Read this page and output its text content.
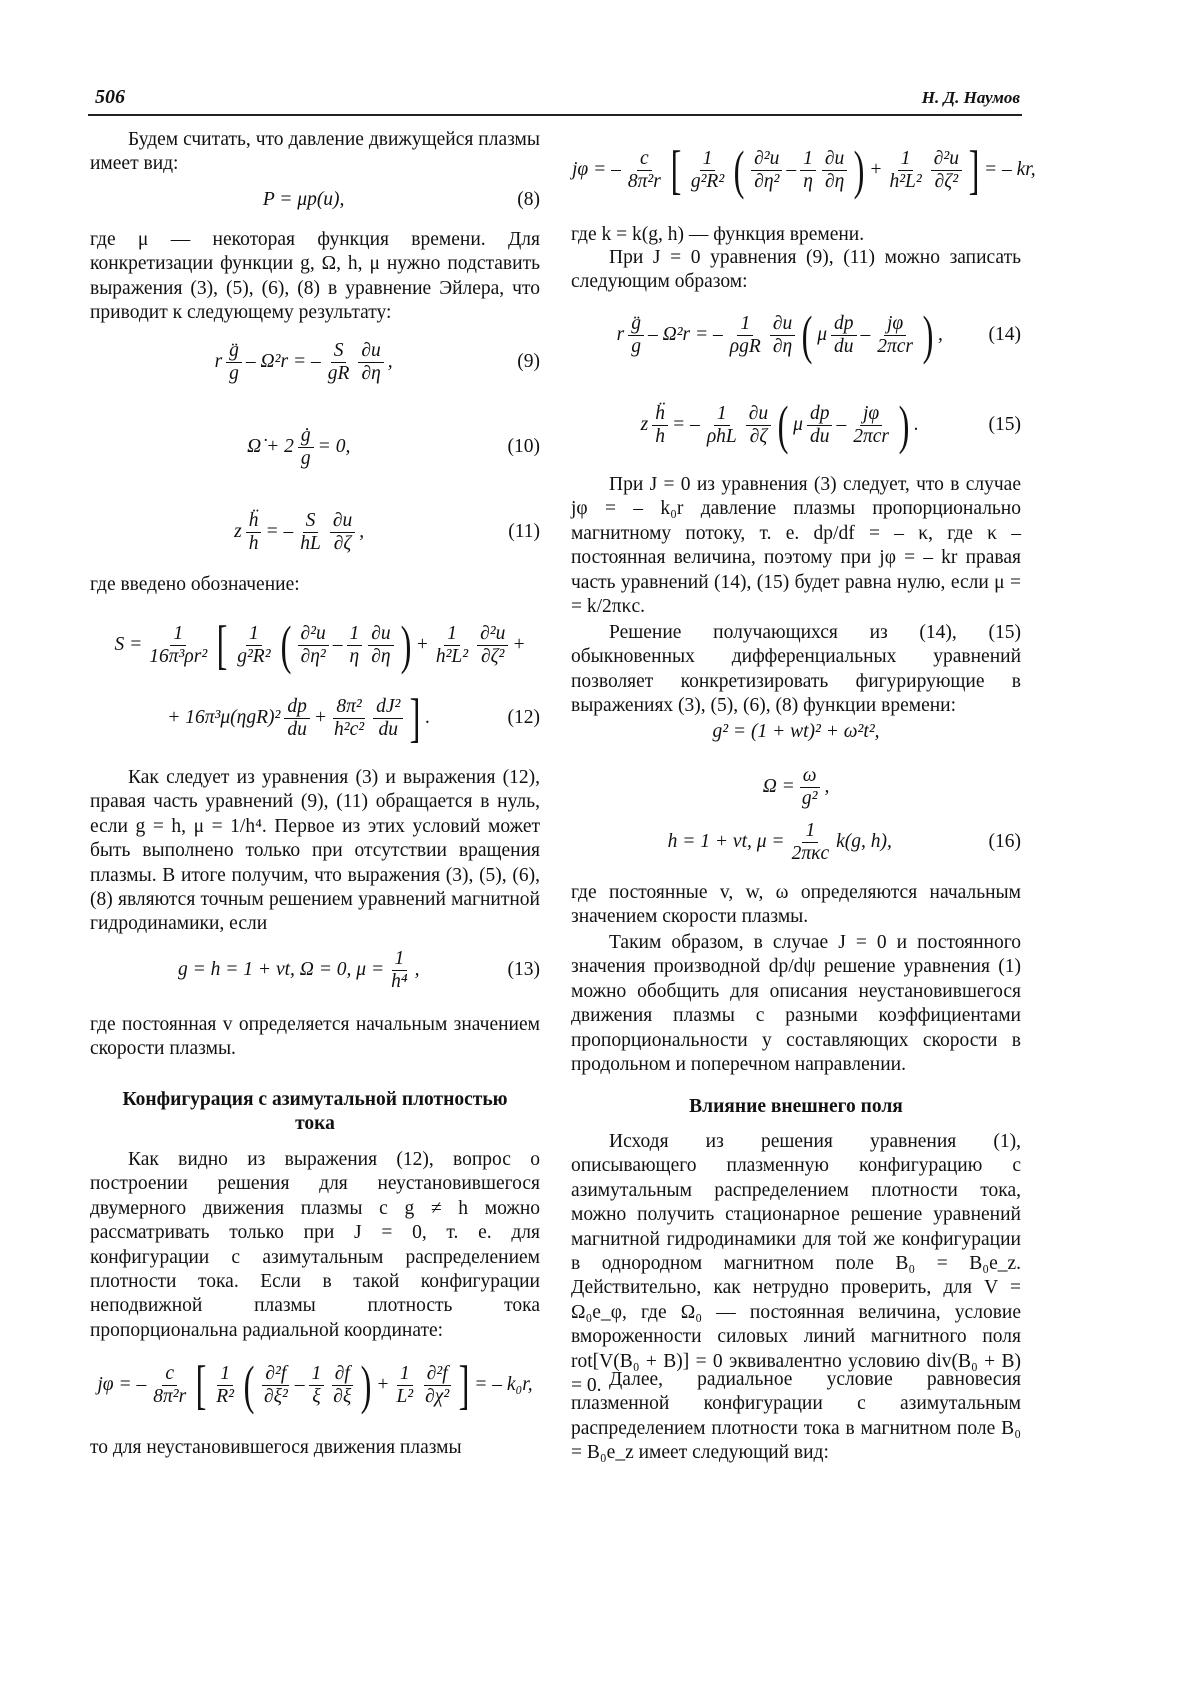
506	Н. Д. Наумов
Будем считать, что давление движущейся плазмы имеет вид:
P = μp(u),	(8)
где μ — некоторая функция времени. Для конкретизации функции g, Ω, h, μ нужно подставить выражения (3), (5), (6), (8) в уравнение Эйлера, что приводит к следующему результату:
r $\frac{g̈}{g} - \Omega^2r$ = – $\frac{S}{gR} \frac{\partial u}{\partial\eta}$ ,	(9)
Ω̇ + $2 \frac{ġ}{g} = 0$,	(10)
z $\frac{\text{ḧ}}{h}$ = – $\frac{S}{hL} \frac{\partial u}{\partial\zeta}$ ,	(11)
где введено обозначение:
$S = \frac{1}{\text{16π³ρr²}}$ [ $\frac{1}{\text{g²R²}}$ ( $\frac{\text{∂²u}}{\text{∂η²}} - \frac{1}{\eta} \frac{\partial u}{\partial\eta}$ ) + $\frac{1}{\text{h²L²}} \frac{\text{∂²u}}{\text{∂ζ²}}$ +
+ $16\pi^3\mu(\eta gR)^2 \frac{dp}{du} + \frac{\text{8π²}}{\text{h²c²}} \frac{\text{dJ²}}{du}$ ] .	(12)
Как следует из уравнения (3) и выражения (12), правая часть уравнений (9), (11) обращается в нуль, если g = h, μ = 1/h⁴. Первое из этих условий может быть выполнено только при отсутствии вращения плазмы. В итоге получим, что выражения (3), (5), (6), (8) являются точным решением уравнений магнитной гидродинамики, если
g = h = 1 + vt, Ω = 0, $\mu = \frac{1}{\text{h⁴}}$ ,	(13)
где постоянная v определяется начальным значением скорости плазмы.
Конфигурация с азимутальной плотностью тока
Как видно из выражения (12), вопрос о построении решения для неустановившегося двумерного движения плазмы с g ≠ h можно рассматривать только при J = 0, т. е. для конфигурации с азимутальным распределением плотности тока. Если в такой конфигурации неподвижной плазмы плотность тока пропорциональна радиальной координате:
jφ = – $\frac{c}{\text{8π²r}}$ [ $\frac{1}{\text{R²}}$ ( $\frac{\text{∂²f}}{\text{∂ξ²}} - \frac{1}{\xi} \frac{\partial f}{\partial\xi}$ ) + $\frac{1}{\text{L²}} \frac{\text{∂²f}}{\text{∂χ²}}$ ] = – k₀r,
то для неустановившегося движения плазмы
jφ = – $\frac{c}{\text{8π²r}}$ [ $\frac{1}{\text{g²R²}}$ ( $\frac{\text{∂²u}}{\text{∂η²}} - \frac{1}{\eta} \frac{\partial u}{\partial\eta}$ ) + $\frac{1}{\text{h²L²}} \frac{\text{∂²u}}{\text{∂ζ²}}$ ] = – kr,
где k = k(g, h) — функция времени.
При J = 0 уравнения (9), (11) можно записать следующим образом:
r $\frac{g̈}{g} - \Omega^2r$ = –
1
ρgR $\frac{\partial u}{\partial\eta}$ ( μ $\frac{dp}{du}$ –
jφ
2πcr ) , (14)
z $\frac{\text{ḧ}}{h}$ = –
1
ρhL $\frac{\partial u}{\partial\zeta}$ ( μ $\frac{dp}{du}$ –
jφ
2πcr ) .	(15)
При J = 0 из уравнения (3) следует, что в случае jφ = – k₀r давление плазмы пропорционально магнитному потоку, т. е. dp/df = – κ, где κ – постоянная величина, поэтому при jφ = – kr правая часть уравнений (14), (15) будет равна нулю, если μ = = k/2πκc.
Решение получающихся из (14), (15) обыкновенных дифференциальных уравнений позволяет конкретизировать фигурирующие в выражениях (3), (5), (6), (8) функции времени:
g² = (1 + wt)² + ω²t²,
$\Omega = \frac{\omega}{\text{g²}}$ ,
h = 1 + vt, μ =
1
2πκc
k(g, h),	(16)
где постоянные v, w, ω определяются начальным значением скорости плазмы.
Таким образом, в случае J = 0 и постоянного значения производной dp/dψ решение уравнения (1) можно обобщить для описания неустановившегося движения плазмы с разными коэффициентами пропорциональности у составляющих скорости в продольном и поперечном направлении.
Влияние внешнего поля
Исходя из решения уравнения (1), описывающего плазменную конфигурацию с азимутальным распределением плотности тока, можно получить стационарное решение уравнений магнитной гидродинамики для той же конфигурации в однородном магнитном поле B₀ = B₀e_z. Действительно, как нетрудно проверить, для V = Ω₀e_φ, где Ω₀ — постоянная величина, условие вмороженности силовых линий магнитного поля rot[V(B₀ + B)] = 0 эквивалентно условию div(B₀ + B) = 0. Далее, радиальное условие равновесия плазменной конфигурации с азимутальным распределением плотности тока в магнитном поле B₀ = B₀e_z имеет следующий вид:
